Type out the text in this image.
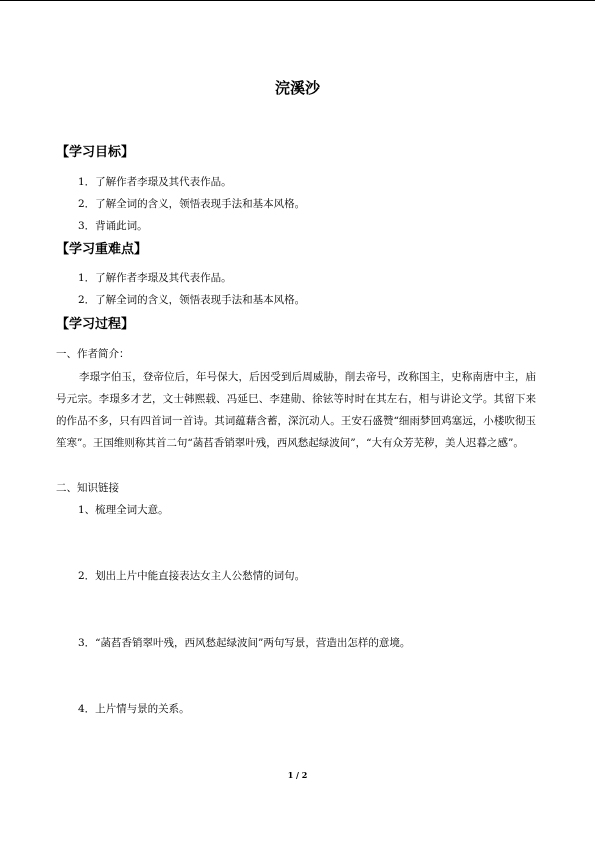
浣溪沙
【学习目标】
1．了解作者李璟及其代表作品。
2．了解全词的含义，领悟表现手法和基本风格。
3．背诵此词。
【学习重难点】
1．了解作者李璟及其代表作品。
2．了解全词的含义，领悟表现手法和基本风格。
【学习过程】
一、作者简介：
李璟字伯玉，登帝位后，年号保大，后因受到后周威胁，削去帝号，改称国主，史称南唐中主，庙号元宗。李璟多才艺，文士韩熙载、冯延巳、李建勋、徐铉等时时在其左右，相与讲论文学。其留下来的作品不多，只有四首词一首诗。其词蕴藉含蓄，深沉动人。王安石盛赞“细雨梦回鸡塞远，小楼吹彻玉笙寒”。王国维则称其首二句“菡萏香销翠叶残，西风愁起绿波间”，“大有众芳芜秽，美人迟暮之感”。
二、知识链接
1、梳理全词大意。
2．划出上片中能直接表达女主人公愁情的词句。
3．“菡萏香销翠叶残，西风愁起绿波间”两句写景，营造出怎样的意境。
4．上片情与景的关系。
1 / 2
